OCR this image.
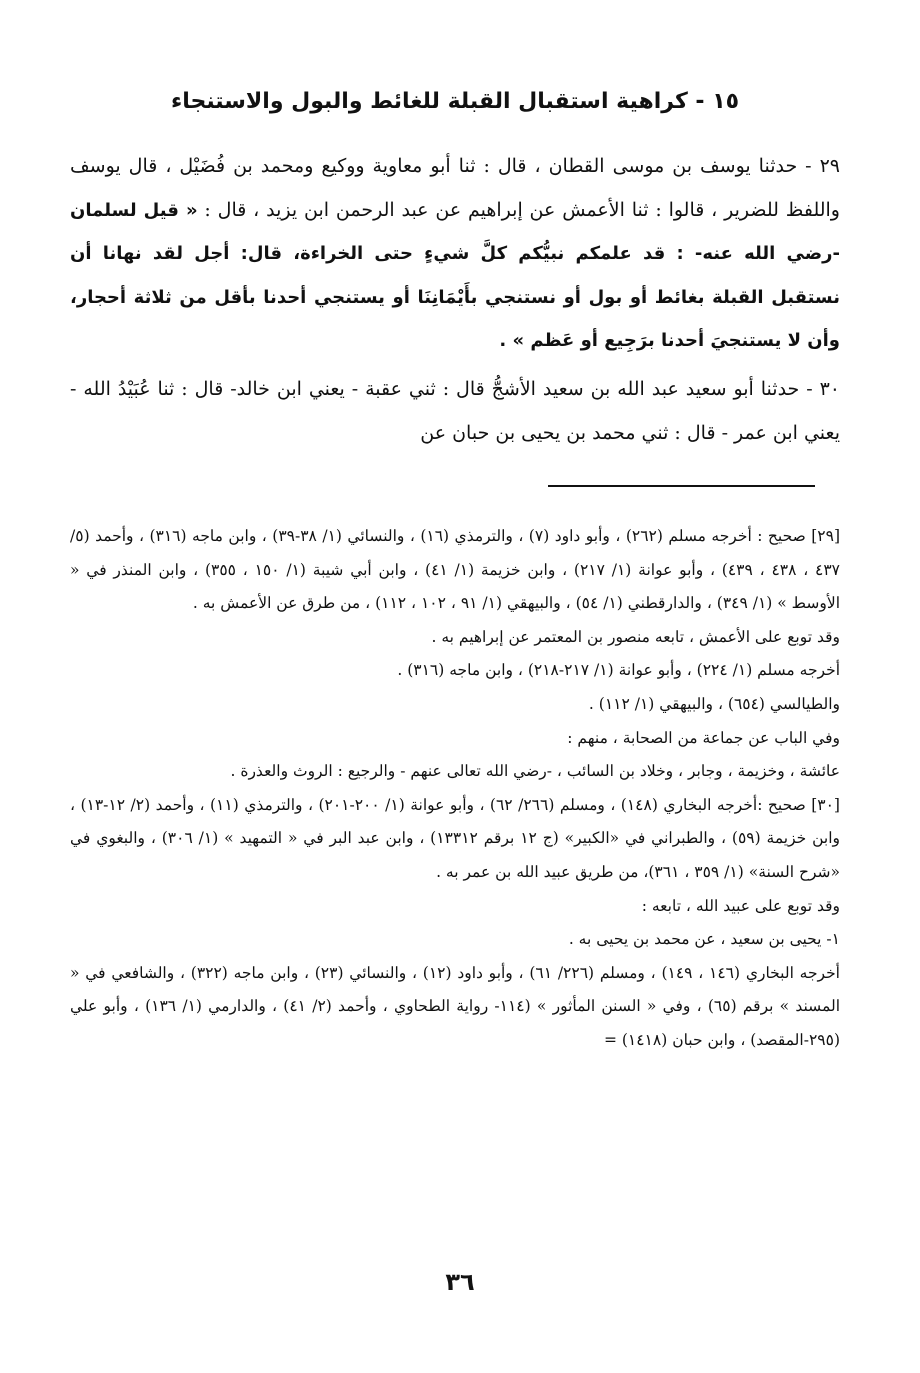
١٥ - كراهية استقبال القبلة للغائط والبول والاستنجاء

٢٩ - حدثنا يوسف بن موسى القطان ، قال : ثنا أبو معاوية ووكيع ومحمد بن فُضَيْل ، قال يوسف واللفظ للضرير ، قالوا : ثنا الأعمش عن إبراهيم عن عبد الرحمن ابن يزيد ، قال : « قيل لسلمان -رضي الله عنه- : قد علمكم نبيُّكم كلَّ شيءٍ حتى الخراءة، قال: أجل لقد نهانا أن نستقبل القبلة بغائط أو بول أو نستنجي بأَيْمَانِنَا أو يستنجي أحدنا بأقل من ثلاثة أحجار، وأن لا يستنجيَ أحدنا برَجِيع أو عَظم » .

٣٠ - حدثنا أبو سعيد عبد الله بن سعيد الأشجُّ قال : ثني عقبة - يعني ابن خالد- قال : ثنا عُبَيْدُ الله - يعني ابن عمر - قال : ثني محمد بن يحيى بن حبان عن

[٢٩] صحيح : أخرجه مسلم (٢٦٢) ، وأبو داود (٧) ، والترمذي (١٦) ، والنسائي (١/ ٣٨-٣٩) ، وابن ماجه (٣١٦) ، وأحمد (٥/ ٤٣٧ ، ٤٣٨ ، ٤٣٩) ، وأبو عوانة (١/ ٢١٧) ، وابن خزيمة (١/ ٤١) ، وابن أبي شيبة (١/ ١٥٠ ، ٣٥٥) ، وابن المنذر في « الأوسط » (١/ ٣٤٩) ، والدارقطني (١/ ٥٤) ، والبيهقي (١/ ٩١ ، ١٠٢ ، ١١٢) ، من طرق عن الأعمش به .

وقد توبع على الأعمش ، تابعه منصور بن المعتمر عن إبراهيم به .

أخرجه مسلم (١/ ٢٢٤) ، وأبو عوانة (١/ ٢١٧-٢١٨) ، وابن ماجه (٣١٦) .

والطيالسي (٦٥٤) ، والبيهقي (١/ ١١٢) .

وفي الباب عن جماعة من الصحابة ، منهم :

عائشة ، وخزيمة ، وجابر ، وخلاد بن السائب ، -رضي الله تعالى عنهم - والرجيع : الروث والعذرة .

[٣٠] صحيح :أخرجه البخاري (١٤٨) ، ومسلم (٢٦٦/ ٦٢) ، وأبو عوانة (١/ ٢٠٠-٢٠١) ، والترمذي (١١) ، وأحمد (٢/ ١٢-١٣) ، وابن خزيمة (٥٩) ، والطبراني في «الكبير» (ج ١٢ برقم ١٣٣١٢) ، وابن عبد البر في « التمهيد » (١/ ٣٠٦) ، والبغوي في «شرح السنة» (١/ ٣٥٩ ، ٣٦١)، من طريق عبيد الله بن عمر به .

وقد توبع على عبيد الله ، تابعه :

١- يحيى بن سعيد ، عن محمد بن يحيى به .

أخرجه البخاري (١٤٦ ، ١٤٩) ، ومسلم (٢٢٦/ ٦١) ، وأبو داود (١٢) ، والنسائي (٢٣) ، وابن ماجه (٣٢٢) ، والشافعي في « المسند » برقم (٦٥) ، وفي « السنن المأثور » (١١٤- رواية الطحاوي ، وأحمد (٢/ ٤١) ، والدارمي (١/ ١٣٦) ، وأبو علي (٢٩٥-المقصد) ، وابن حبان (١٤١٨) =

٣٦
